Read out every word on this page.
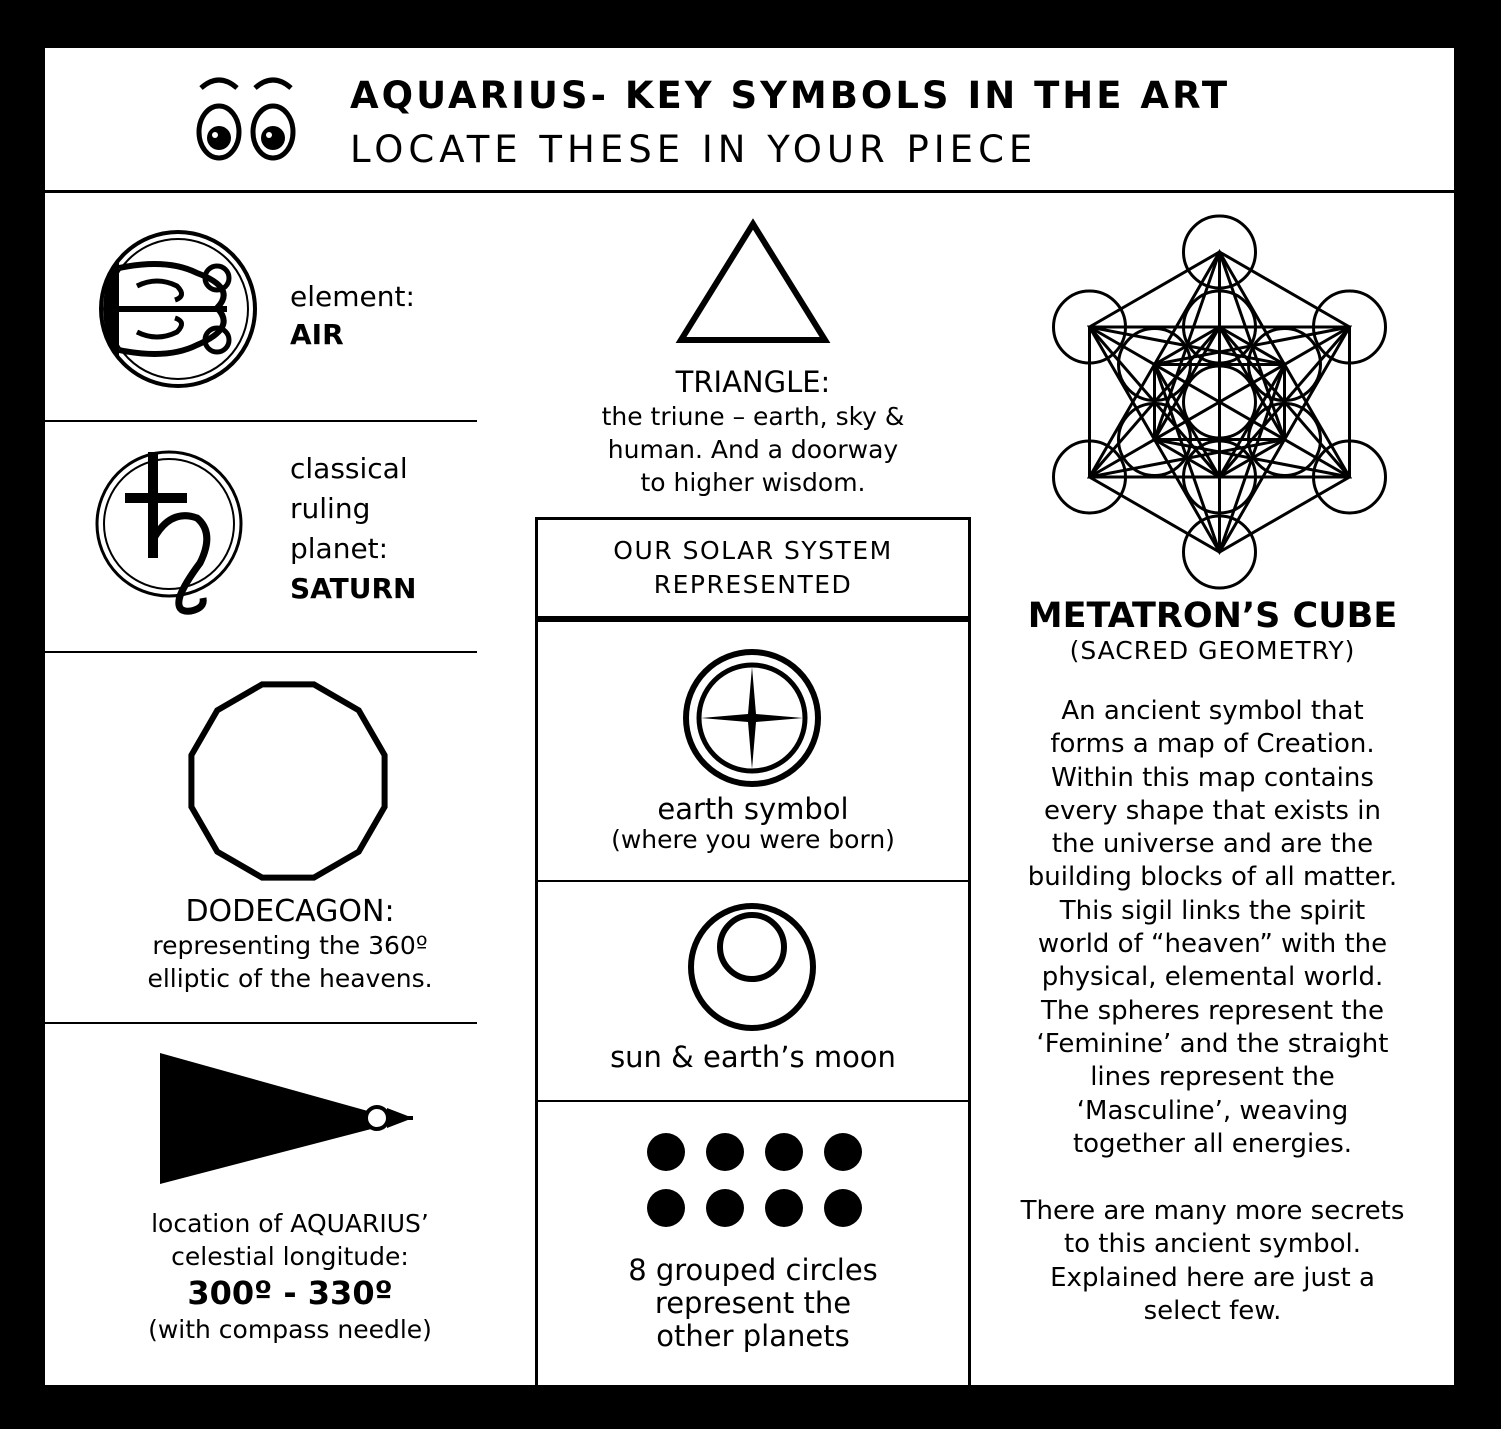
AQUARIUS- KEY SYMBOLS IN THE ART
LOCATE THESE IN YOUR PIECE
element:
AIR
classical
ruling
planet:
SATURN
DODECAGON:
representing the 360º
elliptic of the heavens.
location of AQUARIUS’
celestial longitude:
300º - 330º
(with compass needle)
TRIANGLE:
the triune – earth, sky &
human. And a doorway
to higher wisdom.
OUR SOLAR SYSTEM
REPRESENTED
earth symbol
(where you were born)
sun & earth’s moon
8 grouped circles
represent the
other planets
METATRON’S CUBE
(SACRED GEOMETRY)
An ancient symbol that
forms a map of Creation.
Within this map contains
every shape that exists in
the universe and are the
building blocks of all matter.
This sigil links the spirit
world of “heaven” with the
physical, elemental world.
The spheres represent the
‘Feminine’ and the straight
lines represent the
‘Masculine’, weaving
together all energies.
There are many more secrets
to this ancient symbol.
Explained here are just a
select few.
